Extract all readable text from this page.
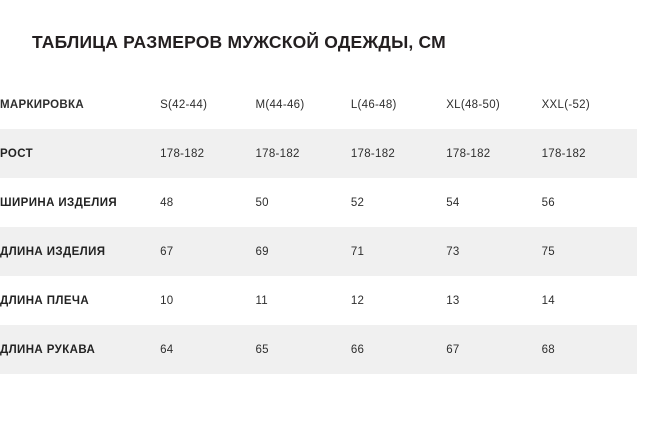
ТАБЛИЦА РАЗМЕРОВ МУЖСКОЙ ОДЕЖДЫ, СМ
МАРКИРОВКА	S(42-44)	M(44-46)	L(46-48)	XL(48-50)	XXL(-52)
РОСТ	178-182	178-182	178-182	178-182	178-182
ШИРИНА ИЗДЕЛИЯ	48	50	52	54	56
ДЛИНА ИЗДЕЛИЯ	67	69	71	73	75
ДЛИНА ПЛЕЧА	10	11	12	13	14
ДЛИНА РУКАВА	64	65	66	67	68
